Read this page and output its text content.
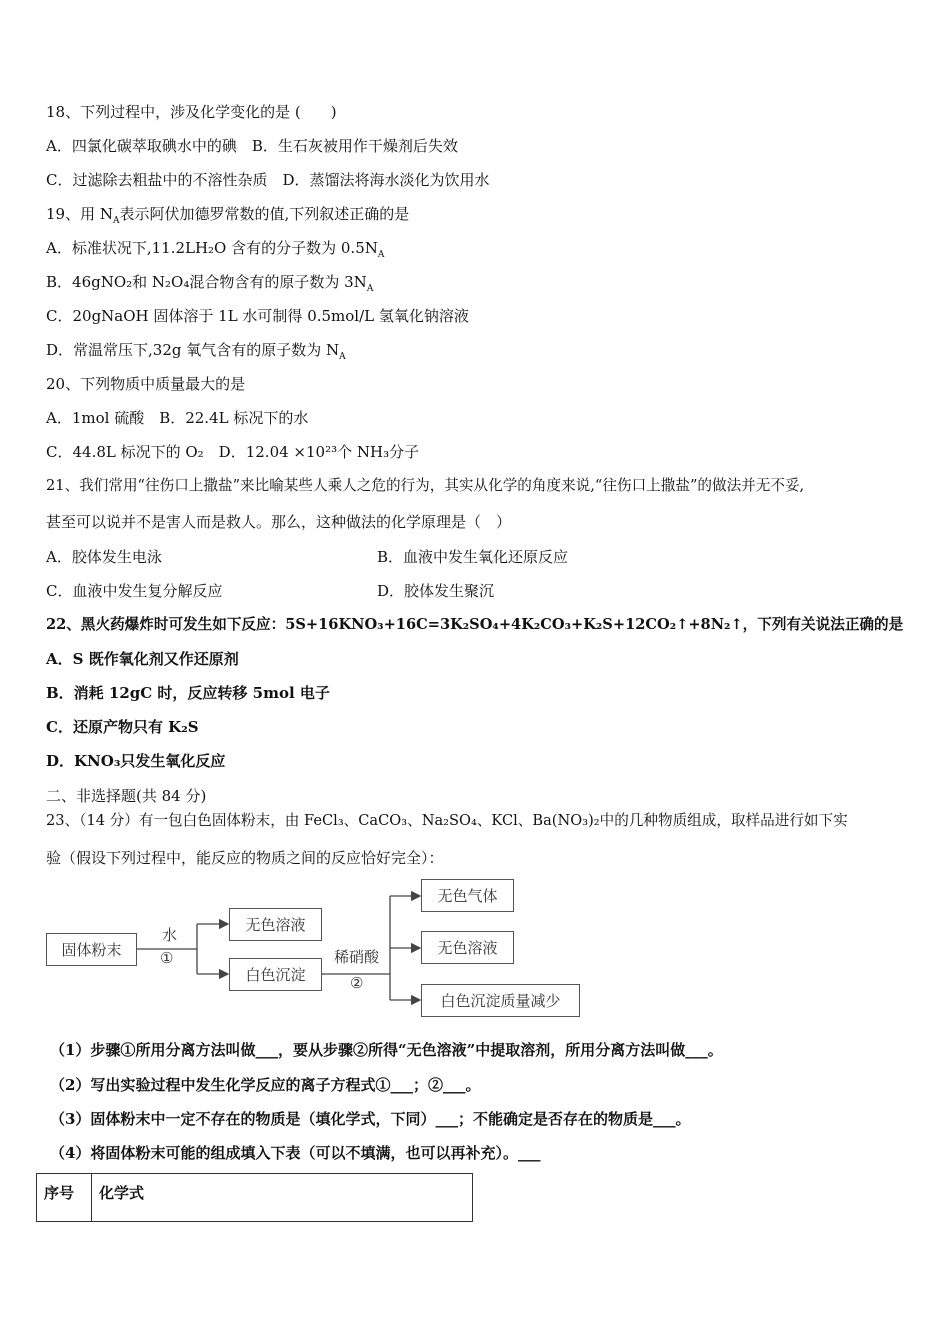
18、下列过程中，涉及化学变化的是 (　　)
A．四氯化碳萃取碘水中的碘　B．生石灰被用作干燥剂后失效
C．过滤除去粗盐中的不溶性杂质　D．蒸馏法将海水淡化为饮用水
19、用 $N_A$表示阿伏加德罗常数的值,下列叙述正确的是
A．标准状况下,11.2LH₂O 含有的分子数为 $0.5N_A$
B．46gNO₂和 N₂O₄混合物含有的原子数为 $3N_A$
C．20gNaOH 固体溶于 1L 水可制得 0.5mol/L 氢氧化钠溶液
D．常温常压下,32g 氧气含有的原子数为 $N_A$
20、下列物质中质量最大的是
A．1mol 硫酸　B．22.4L 标况下的水
C．44.8L 标况下的 O₂　D．12.04 ×10²³个 NH₃分子
21、我们常用“往伤口上撒盐”来比喻某些人乘人之危的行为，其实从化学的角度来说,“往伤口上撒盐”的做法并无不妥,
甚至可以说并不是害人而是救人。那么，这种做法的化学原理是（　）
A．胶体发生电泳	B．血液中发生氧化还原反应
C．血液中发生复分解反应	D．胶体发生聚沉
22、黑火药爆炸时可发生如下反应：5S+16KNO₃+16C=3K₂SO₄+4K₂CO₃+K₂S+12CO₂↑+8N₂↑，下列有关说法正确的是
A．S 既作氧化剂又作还原剂
B．消耗 12gC 时，反应转移 5mol 电子
C．还原产物只有 K₂S
D．KNO₃只发生氧化反应
二、非选择题(共 84 分)
23、（14 分）有一包白色固体粉末，由 FeCl₃、CaCO₃、Na₂SO₄、KCl、Ba(NO₃)₂中的几种物质组成，取样品进行如下实
验（假设下列过程中，能反应的物质之间的反应恰好完全）：
固体粉末
水
①
无色溶液
白色沉淀
稀硝酸
②
无色气体
无色溶液
白色沉淀质量减少
（1）步骤①所用分离方法叫做___，要从步骤②所得“无色溶液”中提取溶剂，所用分离方法叫做___。
（2）写出实验过程中发生化学反应的离子方程式①___；②___。
（3）固体粉末中一定不存在的物质是（填化学式，下同）___；不能确定是否存在的物质是___。
（4）将固体粉末可能的组成填入下表（可以不填满，也可以再补充）。___
序号	化学式
